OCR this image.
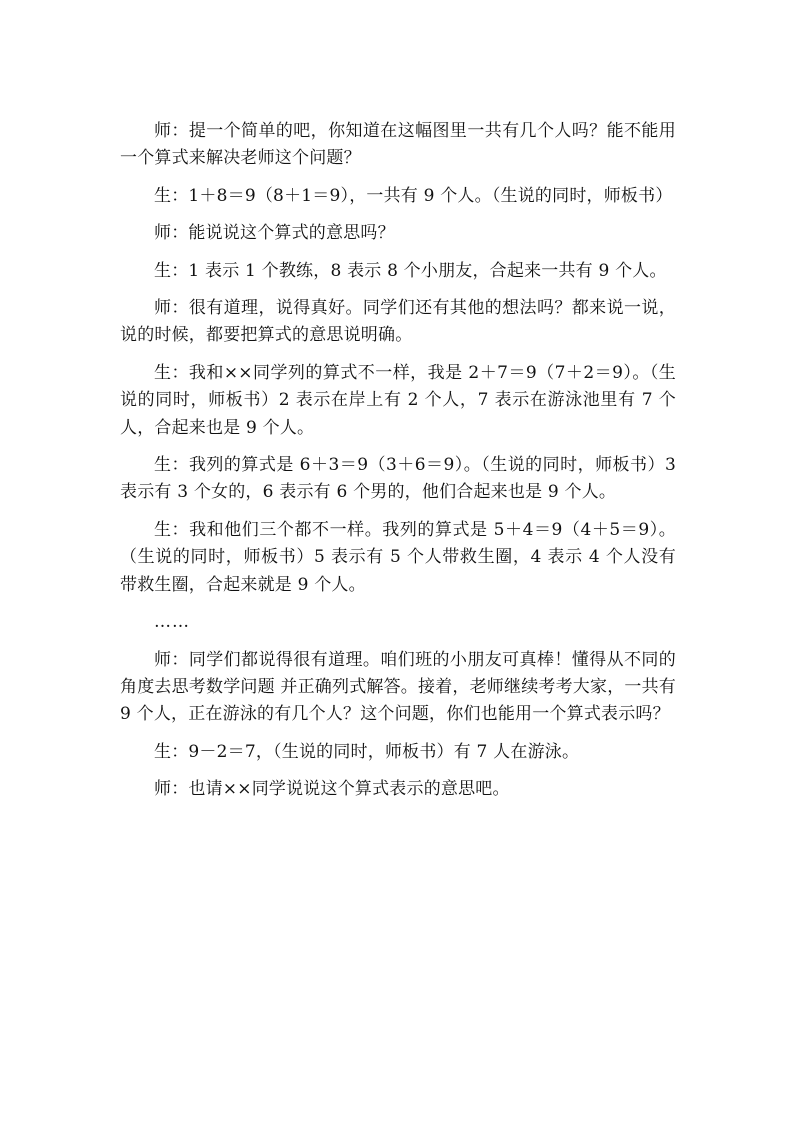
师：提一个简单的吧，你知道在这幅图里一共有几个人吗？能不能用一个算式来解决老师这个问题？

生：1＋8＝9（8＋1＝9），一共有 9 个人。（生说的同时，师板书）

师：能说说这个算式的意思吗？

生：1 表示 1 个教练，8 表示 8 个小朋友，合起来一共有 9 个人。

师：很有道理，说得真好。同学们还有其他的想法吗？都来说一说，说的时候，都要把算式的意思说明确。

生：我和××同学列的算式不一样，我是 2＋7＝9（7＋2＝9）。（生说的同时，师板书）2 表示在岸上有 2 个人，7 表示在游泳池里有 7 个人，合起来也是 9 个人。

生：我列的算式是 6＋3＝9（3＋6＝9）。（生说的同时，师板书）3 表示有 3 个女的，6 表示有 6 个男的，他们合起来也是 9 个人。

生：我和他们三个都不一样。我列的算式是 5＋4＝9（4＋5＝9）。（生说的同时，师板书）5 表示有 5 个人带救生圈，4 表示 4 个人没有带救生圈，合起来就是 9 个人。

……

师：同学们都说得很有道理。咱们班的小朋友可真棒！懂得从不同的角度去思考数学问题 并正确列式解答。接着，老师继续考考大家，一共有 9 个人，正在游泳的有几个人？这个问题，你们也能用一个算式表示吗？

生：9－2＝7，（生说的同时，师板书）有 7 人在游泳。

师：也请××同学说说这个算式表示的意思吧。
